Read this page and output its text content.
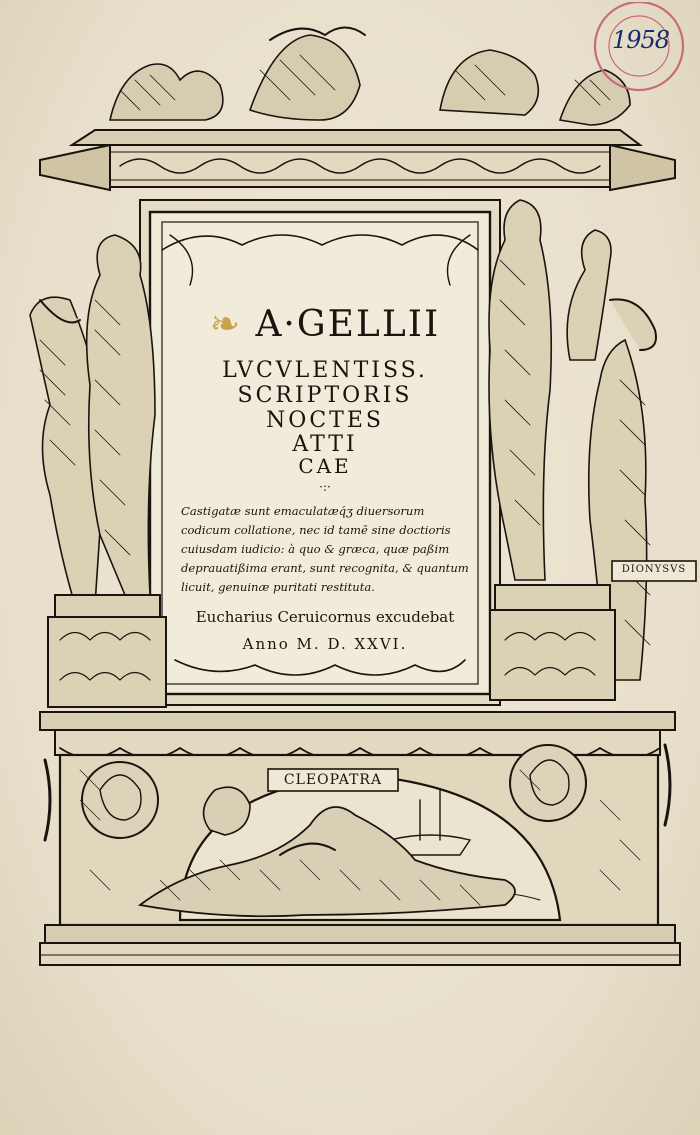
1958
❧ A·GELLII
LVCVLENTISS.
SCRIPTORIS
NOCTES
ATTI
CAE
·:·
Castigatæ sunt emaculatæq́ʒ diuersorum codicum collatione, nec id tamē sine doctioris cuiusdam iudicio: à quo & græca, quæ paßim deprauatißima erant, sunt recognita, & quantum licuit, genuinæ puritati restituta.
Eucharius Ceruicornus excudebat
Anno M. D. XXVI.
CLEOPATRA
DIONYSVS
